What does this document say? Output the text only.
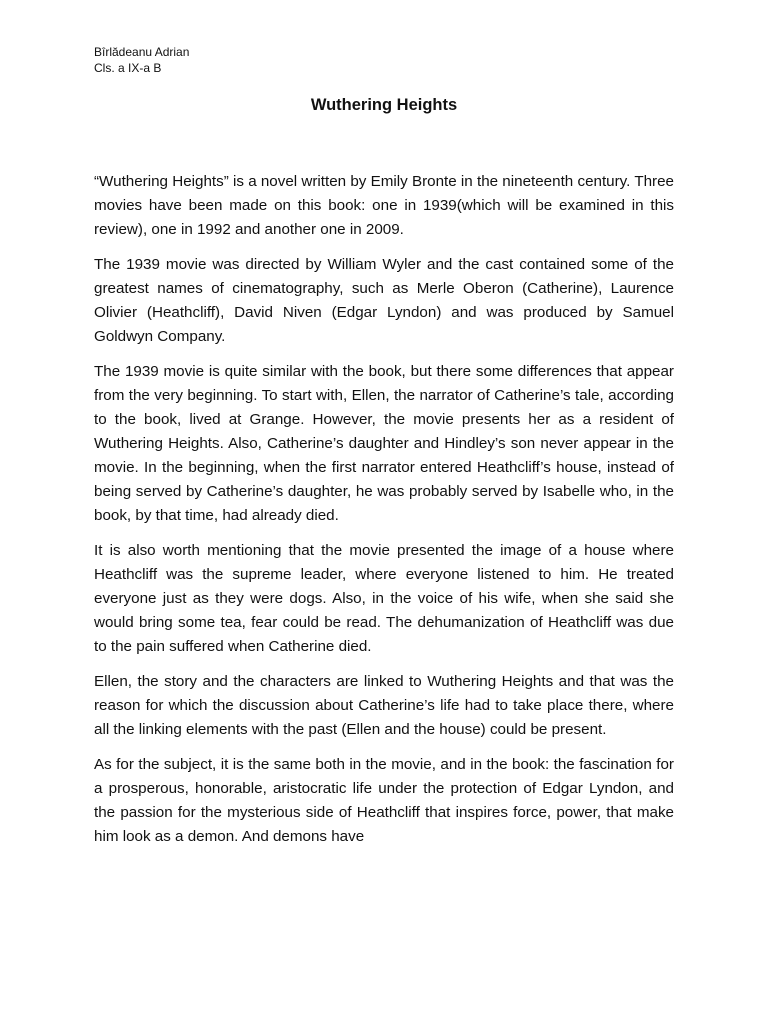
Bîrlădeanu Adrian
Cls. a IX-a B
Wuthering Heights

“Wuthering Heights” is a novel written by Emily Bronte in the nineteenth century. Three movies have been made on this book: one in 1939(which will be examined in this review), one in 1992 and another one in 2009.

The 1939 movie was directed by William Wyler and the cast contained some of the greatest names of cinematography, such as Merle Oberon (Catherine), Laurence Olivier (Heathcliff), David Niven (Edgar Lyndon) and was produced by Samuel Goldwyn Company.

The 1939 movie is quite similar with the book, but there some differences that appear from the very beginning. To start with, Ellen, the narrator of Catherine’s tale, according to the book, lived at Grange. However, the movie presents her as a resident of Wuthering Heights. Also, Catherine’s daughter and Hindley’s son never appear in the movie. In the beginning, when the first narrator entered Heathcliff’s house, instead of being served by Catherine’s daughter, he was probably served by Isabelle who, in the book, by that time, had already died.

It is also worth mentioning that the movie presented the image of a house where Heathcliff was the supreme leader, where everyone listened to him. He treated everyone just as they were dogs. Also, in the voice of his wife, when she said she would bring some tea, fear could be read. The dehumanization of Heathcliff was due to the pain suffered when Catherine died.

Ellen, the story and the characters are linked to Wuthering Heights and that was the reason for which the discussion about Catherine’s life had to take place there, where all the linking elements with the past (Ellen and the house) could be present.

As for the subject, it is the same both in the movie, and in the book: the fascination for a prosperous, honorable, aristocratic life under the protection of Edgar Lyndon, and the passion for the mysterious side of Heathcliff that inspires force, power, that make him look as a demon. And demons have
